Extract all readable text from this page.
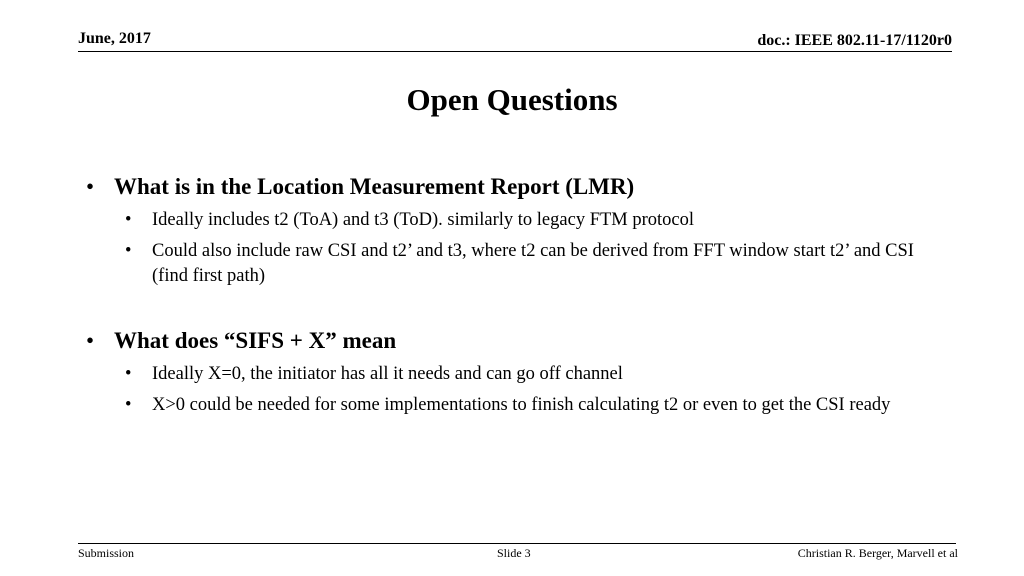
June, 2017	doc.: IEEE 802.11-17/1120r0
Open Questions
• What is in the Location Measurement Report (LMR)
• Ideally includes t2 (ToA) and t3 (ToD). similarly to legacy FTM protocol
• Could also include raw CSI and t2’ and t3, where t2 can be derived from FFT window start t2’ and CSI (find first path)
• What does “SIFS + X” mean
• Ideally X=0, the initiator has all it needs and can go off channel
• X>0 could be needed for some implementations to finish calculating t2 or even to get the CSI ready
Submission	Slide 3	Christian R. Berger, Marvell et al
